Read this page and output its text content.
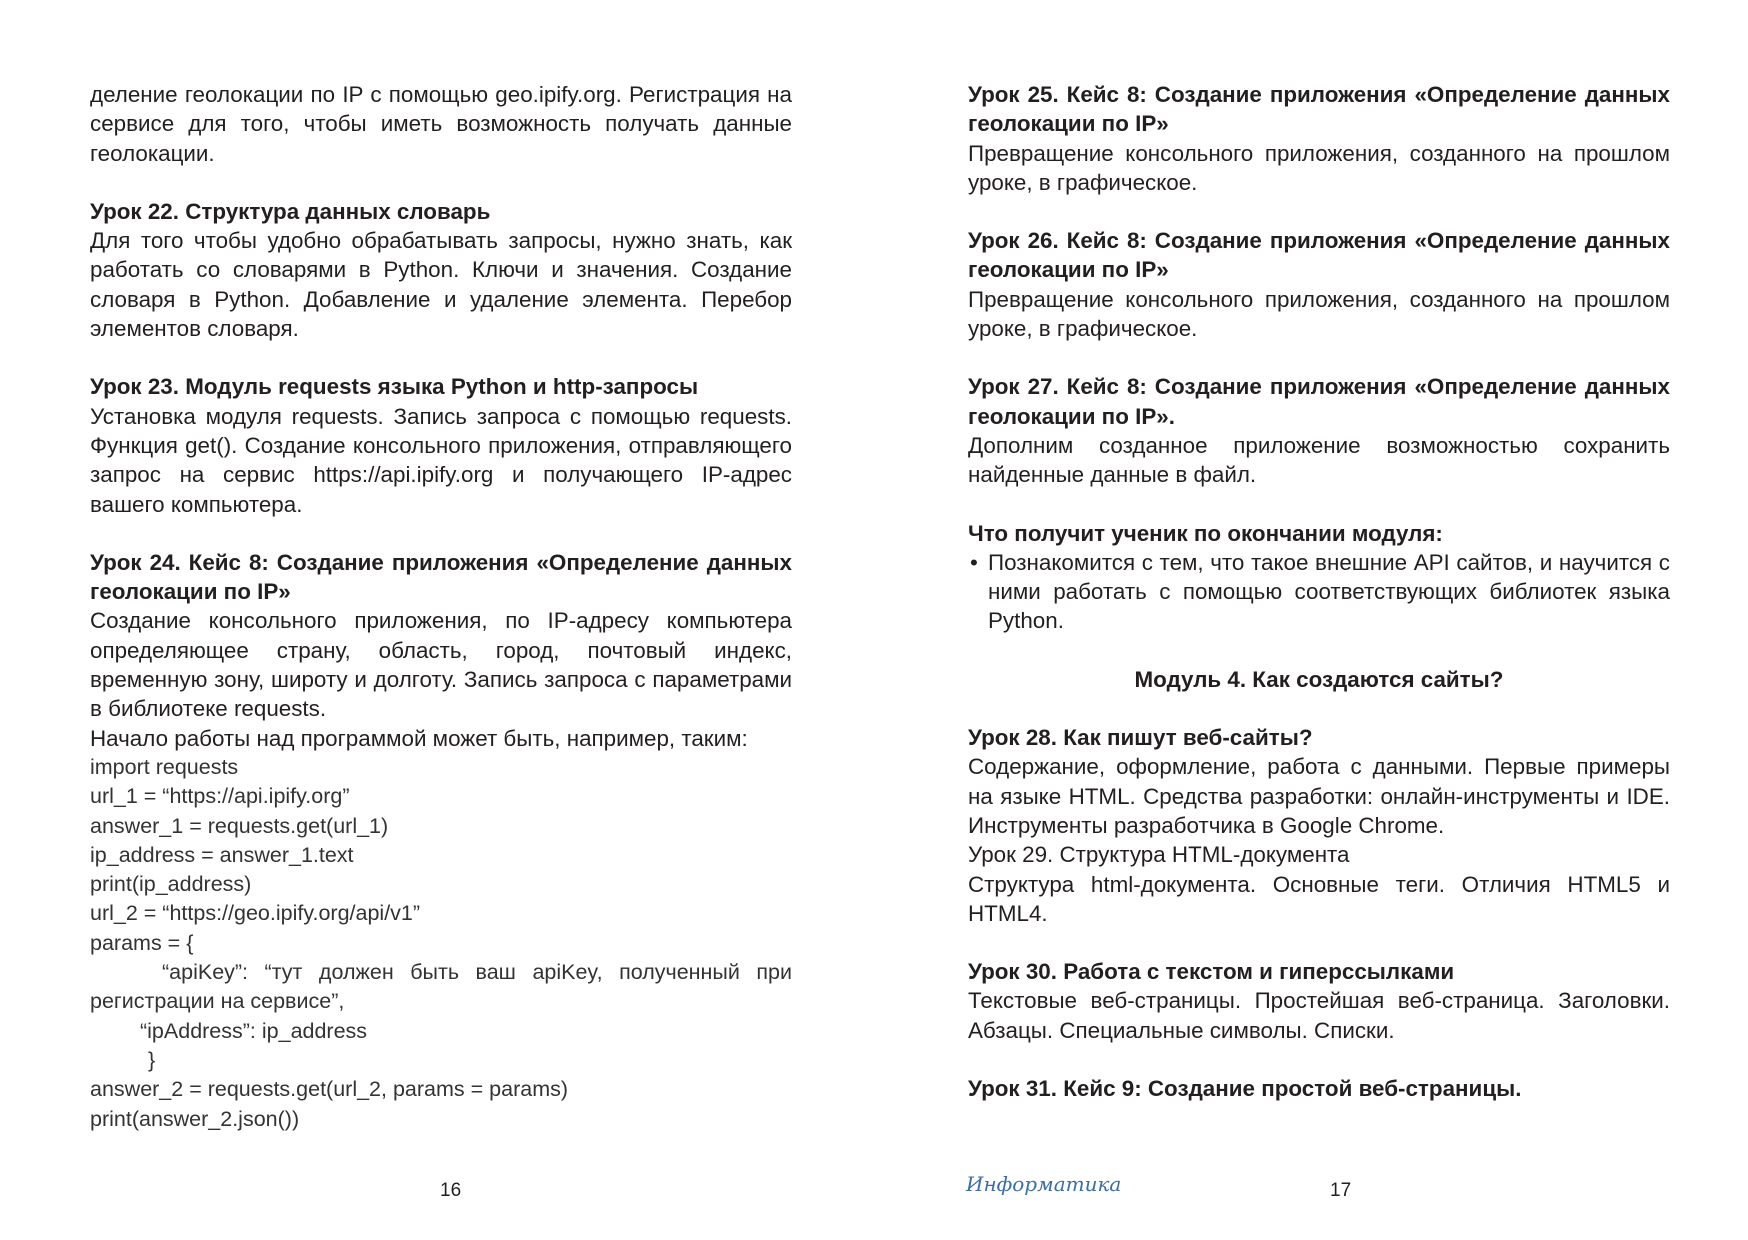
деление геолокации по IP с помощью geo.ipify.org. Регистрация на сервисе для того, чтобы иметь возможность получать данные геолокации.

Урок 22. Структура данных словарь

Для того чтобы удобно обрабатывать запросы, нужно знать, как работать со словарями в Python. Ключи и значения. Создание словаря в Python. Добавление и удаление элемента. Перебор элементов словаря.

Урок 23. Модуль requests языка Python и http-запросы

Установка модуля requests. Запись запроса с помощью requests. Функция get(). Создание консольного приложения, отправляющего запрос на сервис https://api.ipify.org и получающего IP-адрес вашего компьютера.

Урок 24. Кейс 8: Создание приложения «Определение данных геолокации по IP»

Создание консольного приложения, по IP-адресу компьютера определяющее страну, область, город, почтовый индекс, временную зону, широту и долготу. Запись запроса с параметрами в библиотеке requests.

Начало работы над программой может быть, например, таким:

import requests
url_1 = “https://api.ipify.org”
answer_1 = requests.get(url_1)
ip_address = answer_1.text
print(ip_address)
url_2 = “https://geo.ipify.org/api/v1”
params = {

“apiKey”: “тут должен быть ваш apiKey, полученный при регистрации на сервисе”,

“ipAddress”: ip_address
}
answer_2 = requests.get(url_2, params = params)
print(answer_2.json())
16

Урок 25. Кейс 8: Создание приложения «Определение данных геолокации по IP»

Превращение консольного приложения, созданного на прошлом уроке, в графическое.

Урок 26. Кейс 8: Создание приложения «Определение данных геолокации по IP»

Превращение консольного приложения, созданного на прошлом уроке, в графическое.

Урок 27. Кейс 8: Создание приложения «Определение данных геолокации по IP».

Дополним созданное приложение возможностью сохранить найденные данные в файл.

Что получит ученик по окончании модуля:

• Познакомится с тем, что такое внешние API сайтов, и научится с ними работать с помощью соответствующих библиотек языка Python.

Модуль 4. Как создаются сайты?

Урок 28. Как пишут веб-сайты?

Содержание, оформление, работа с данными. Первые примеры на языке HTML. Средства разработки: онлайн-инструменты и IDE. Инструменты разработчика в Google Chrome.

Урок 29. Структура HTML-документа

Структура html-документа. Основные теги. Отличия HTML5 и HTML4.

Урок 30. Работа с текстом и гиперссылками

Текстовые веб-страницы. Простейшая веб-страница. Заголовки. Абзацы. Специальные символы. Списки.

Урок 31. Кейс 9: Создание простой веб-страницы.

Информатика	17
